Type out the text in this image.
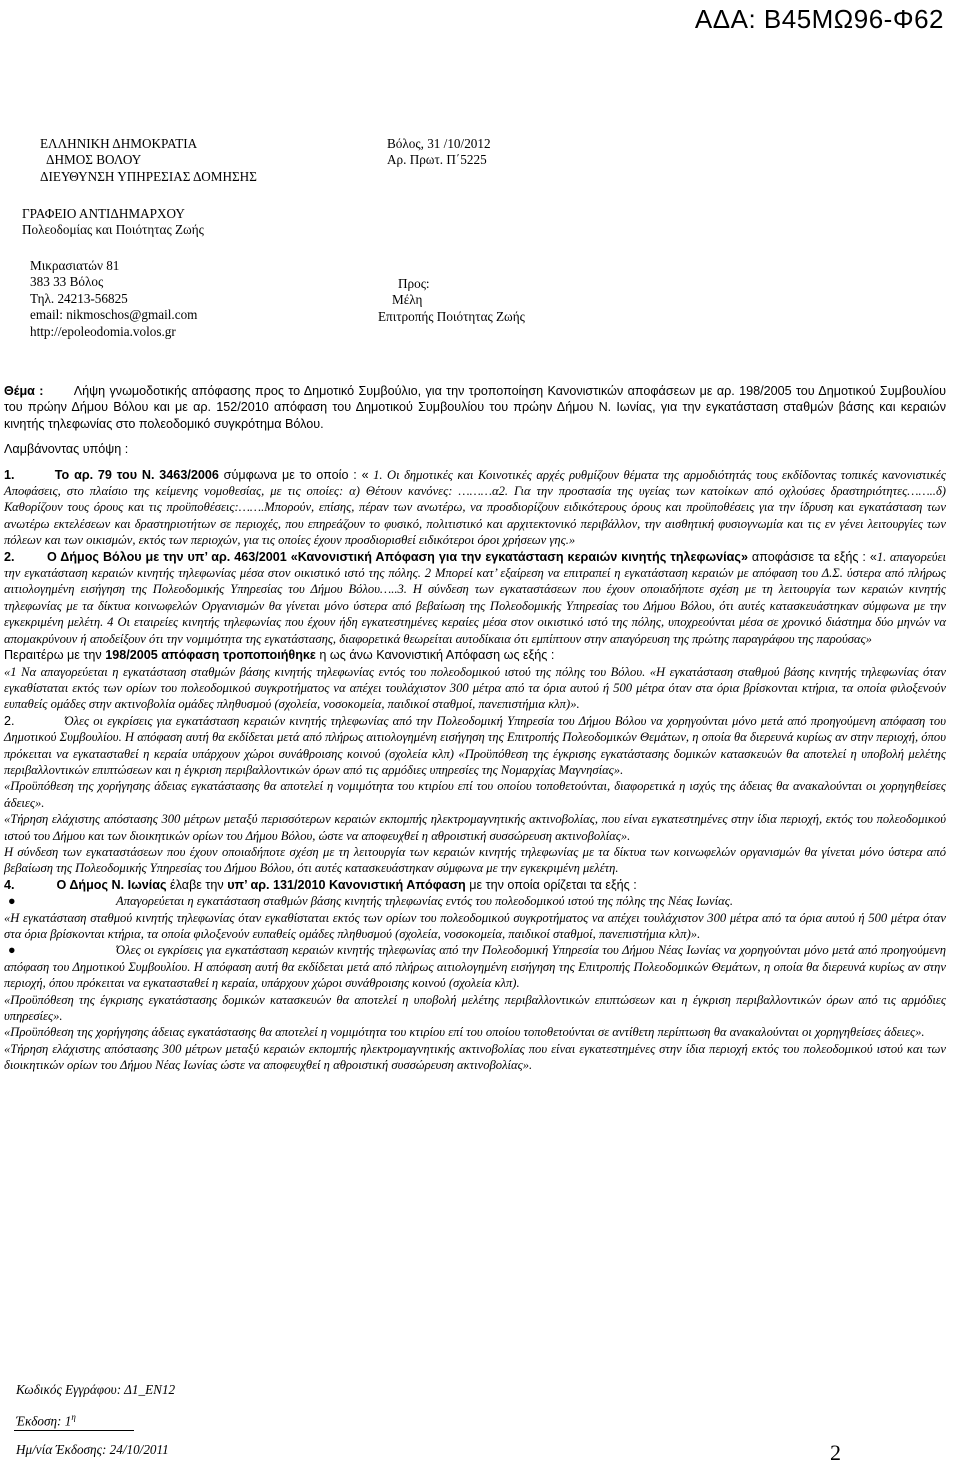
ΑΔΑ: Β45ΜΩ96-Φ62
ΕΛΛΗΝΙΚΗ ΔΗΜΟΚΡΑΤΙΑ
ΔΗΜΟΣ ΒΟΛΟΥ
ΔΙΕΥΘΥΝΣΗ ΥΠΗΡΕΣΙΑΣ ΔΟΜΗΣΗΣ
Βόλος, 31 /10/2012
Αρ. Πρωτ. Π΄5225
ΓΡΑΦΕΙΟ ΑΝΤΙΔΗΜΑΡΧΟΥ
Πολεοδομίας και Ποιότητας Ζωής
Μικρασιατών 81
383 33 Βόλος
Τηλ. 24213-56825
email: nikmoschos@gmail.com
http://epoleodomia.volos.gr
Προς:
Μέλη
Επιτροπής Ποιότητας Ζωής

Θέμα : Λήψη γνωμοδοτικής απόφασης προς το Δημοτικό Συμβούλιο, για την τροποποίηση Κανονιστικών αποφάσεων με αρ. 198/2005 του Δημοτικού Συμβουλίου του πρώην Δήμου Βόλου και με αρ. 152/2010 απόφαση του Δημοτικού Συμβουλίου του πρώην Δήμου Ν. Ιωνίας, για την εγκατάσταση σταθμών βάσης και κεραιών κινητής τηλεφωνίας στο πολεοδομικό συγκρότημα Βόλου.

Λαμβάνοντας υπόψη :

1.	Το αρ. 79 του Ν. 3463/2006 σύμφωνα με το οποίο : « 1. Οι δημοτικές και Κοινοτικές αρχές ρυθμίζουν θέματα της αρμοδιότητάς τους εκδίδοντας τοπικές κανονιστικές Αποφάσεις, στο πλαίσιο της κείμενης νομοθεσίας, με τις οποίες: α) Θέτουν κανόνες: ………α2. Για την προστασία της υγείας των κατοίκων από οχλούσες δραστηριότητες……..δ) Καθορίζουν τους όρους και τις προϋποθέσεις:…….Μπορούν, επίσης, πέραν των ανωτέρω, να προσδιορίζουν ειδικότερους όρους και προϋποθέσεις για την ίδρυση και εγκατάσταση των ανωτέρω εκτελέσεων και δραστηριοτήτων σε περιοχές, που επηρεάζουν το φυσικό, πολιτιστικό και αρχιτεκτονικό περιβάλλον, την αισθητική φυσιογνωμία και τις εν γένει λειτουργίες των πόλεων και των οικισμών, εκτός των περιοχών, για τις οποίες έχουν προσδιορισθεί ειδικότεροι όροι χρήσεων γης.»

2.	Ο Δήμος Βόλου με την υπ’ αρ. 463/2001 «Κανονιστική Απόφαση για την εγκατάσταση κεραιών κινητής τηλεφωνίας» αποφάσισε τα εξής : «1. απαγορεύει την εγκατάσταση κεραιών κινητής τηλεφωνίας μέσα στον οικιστικό ιστό της πόλης. 2 Μπορεί κατ’ εξαίρεση να επιτραπεί η εγκατάσταση κεραιών με απόφαση του Δ.Σ. ύστερα από πλήρως αιτιολογημένη εισήγηση της Πολεοδομικής Υπηρεσίας του Δήμου Βόλου…..3. Η σύνδεση των εγκαταστάσεων που έχουν οποιαδήποτε σχέση με τη λειτουργία των κεραιών κινητής τηλεφωνίας με τα δίκτυα κοινωφελών Οργανισμών θα γίνεται μόνο ύστερα από βεβαίωση της Πολεοδομικής Υπηρεσίας του Δήμου Βόλου, ότι αυτές κατασκευάστηκαν σύμφωνα με την εγκεκριμένη μελέτη. 4 Οι εταιρείες κινητής τηλεφωνίας που έχουν ήδη εγκατεστημένες κεραίες μέσα στον οικιστικό ιστό της πόλης, υποχρεούνται μέσα σε χρονικό διάστημα δύο μηνών να απομακρύνουν ή αποδείξουν ότι την νομιμότητα της εγκατάστασης, διαφορετικά θεωρείται αυτοδίκαια ότι εμπίπτουν στην απαγόρευση της πρώτης παραγράφου της παρούσας»

Περαιτέρω με την 198/2005 απόφαση τροποποιήθηκε η ως άνω Κανονιστική Απόφαση ως εξής :

«1 Να απαγορεύεται η εγκατάσταση σταθμών βάσης κινητής τηλεφωνίας εντός του πολεοδομικού ιστού της πόλης του Βόλου. «Η εγκατάσταση σταθμού βάσης κινητής τηλεφωνίας όταν εγκαθίσταται εκτός των ορίων του πολεοδομικού συγκροτήματος να απέχει τουλάχιστον 300 μέτρα από τα όρια αυτού ή 500 μέτρα όταν στα όρια βρίσκονται κτήρια, τα οποία φιλοξενούν ευπαθείς ομάδες στην ακτινοβολία ομάδες πληθυσμού (σχολεία, νοσοκομεία, παιδικοί σταθμοί, πανεπιστήμια κλπ)».

2.	Όλες οι εγκρίσεις για εγκατάσταση κεραιών κινητής τηλεφωνίας από την Πολεοδομική Υπηρεσία του Δήμου Βόλου να χορηγούνται μόνο μετά από προηγούμενη απόφαση του Δημοτικού Συμβουλίου. Η απόφαση αυτή θα εκδίδεται μετά από πλήρως αιτιολογημένη εισήγηση της Επιτροπής Πολεοδομικών Θεμάτων, η οποία θα διερευνά κυρίως αν στην περιοχή, όπου πρόκειται να εγκατασταθεί η κεραία υπάρχουν χώροι συνάθροισης κοινού (σχολεία κλπ) «Προϋπόθεση της έγκρισης εγκατάστασης δομικών κατασκευών θα αποτελεί η υποβολή μελέτης περιβαλλοντικών επιπτώσεων και η έγκριση περιβαλλοντικών όρων από τις αρμόδιες υπηρεσίες της Νομαρχίας Μαγνησίας».

«Προϋπόθεση της χορήγησης άδειας εγκατάστασης θα αποτελεί η νομιμότητα του κτιρίου επί του οποίου τοποθετούνται, διαφορετικά η ισχύς της άδειας θα ανακαλούνται οι χορηγηθείσες άδειες».

«Τήρηση ελάχιστης απόστασης 300 μέτρων μεταξύ περισσότερων κεραιών εκπομπής ηλεκτρομαγνητικής ακτινοβολίας, που είναι εγκατεστημένες στην ίδια περιοχή, εκτός του πολεοδομικού ιστού του Δήμου και των διοικητικών ορίων του Δήμου Βόλου, ώστε να αποφευχθεί η αθροιστική συσσώρευση ακτινοβολίας».

Η σύνδεση των εγκαταστάσεων που έχουν οποιαδήποτε σχέση με τη λειτουργία των κεραιών κινητής τηλεφωνίας με τα δίκτυα των κοινωφελών οργανισμών θα γίνεται μόνο ύστερα από βεβαίωση της Πολεοδομικής Υπηρεσίας του Δήμου Βόλου, ότι αυτές κατασκευάστηκαν σύμφωνα με την εγκεκριμένη μελέτη.

4.	Ο Δήμος Ν. Ιωνίας έλαβε την υπ’ αρ. 131/2010 Κανονιστική Απόφαση με την οποία ορίζεται τα εξής :

●
	Απαγορεύεται η εγκατάσταση σταθμών βάσης κινητής τηλεφωνίας εντός του πολεοδομικού ιστού της πόλης της Νέας Ιωνίας.

«Η εγκατάσταση σταθμού κινητής τηλεφωνίας όταν εγκαθίσταται εκτός των ορίων του πολεοδομικού συγκροτήματος να απέχει τουλάχιστον 300 μέτρα από τα όρια αυτού ή 500 μέτρα όταν στα όρια βρίσκονται κτήρια, τα οποία φιλοξενούν ευπαθείς ομάδες πληθυσμού (σχολεία, νοσοκομεία, παιδικοί σταθμοί, πανεπιστήμια κλπ)».

●
	Όλες οι εγκρίσεις για εγκατάσταση κεραιών κινητής τηλεφωνίας από την Πολεοδομική Υπηρεσία του Δήμου Νέας Ιωνίας να χορηγούνται μόνο μετά από προηγούμενη απόφαση του Δημοτικού Συμβουλίου. Η απόφαση αυτή θα εκδίδεται μετά από πλήρως αιτιολογημένη εισήγηση της Επιτροπής Πολεοδομικών Θεμάτων, η οποία θα διερευνά κυρίως αν στην περιοχή, όπου πρόκειται να εγκατασταθεί η κεραία, υπάρχουν χώροι συνάθροισης κοινού (σχολεία κλπ).

«Προϋπόθεση της έγκρισης εγκατάστασης δομικών κατασκευών θα αποτελεί η υποβολή μελέτης περιβαλλοντικών επιπτώσεων και η έγκριση περιβαλλοντικών όρων από τις αρμόδιες υπηρεσίες».

«Προϋπόθεση της χορήγησης άδειας εγκατάστασης θα αποτελεί η νομιμότητα του κτιρίου επί του οποίου τοποθετούνται σε αντίθετη περίπτωση θα ανακαλούνται οι χορηγηθείσες άδειες».

«Τήρηση ελάχιστης απόστασης 300 μέτρων μεταξύ κεραιών εκπομπής ηλεκτρομαγνητικής ακτινοβολίας που είναι εγκατεστημένες στην ίδια περιοχή εκτός του πολεοδομικού ιστού και των διοικητικών ορίων του Δήμου Νέας Ιωνίας ώστε να αποφευχθεί η αθροιστική συσσώρευση ακτινοβολίας».

Κωδικός Εγγράφου: Δ1_ΕΝ12
Έκδοση: $1^\eta$
Ημ/νία Έκδοσης: 24/10/2011	2
